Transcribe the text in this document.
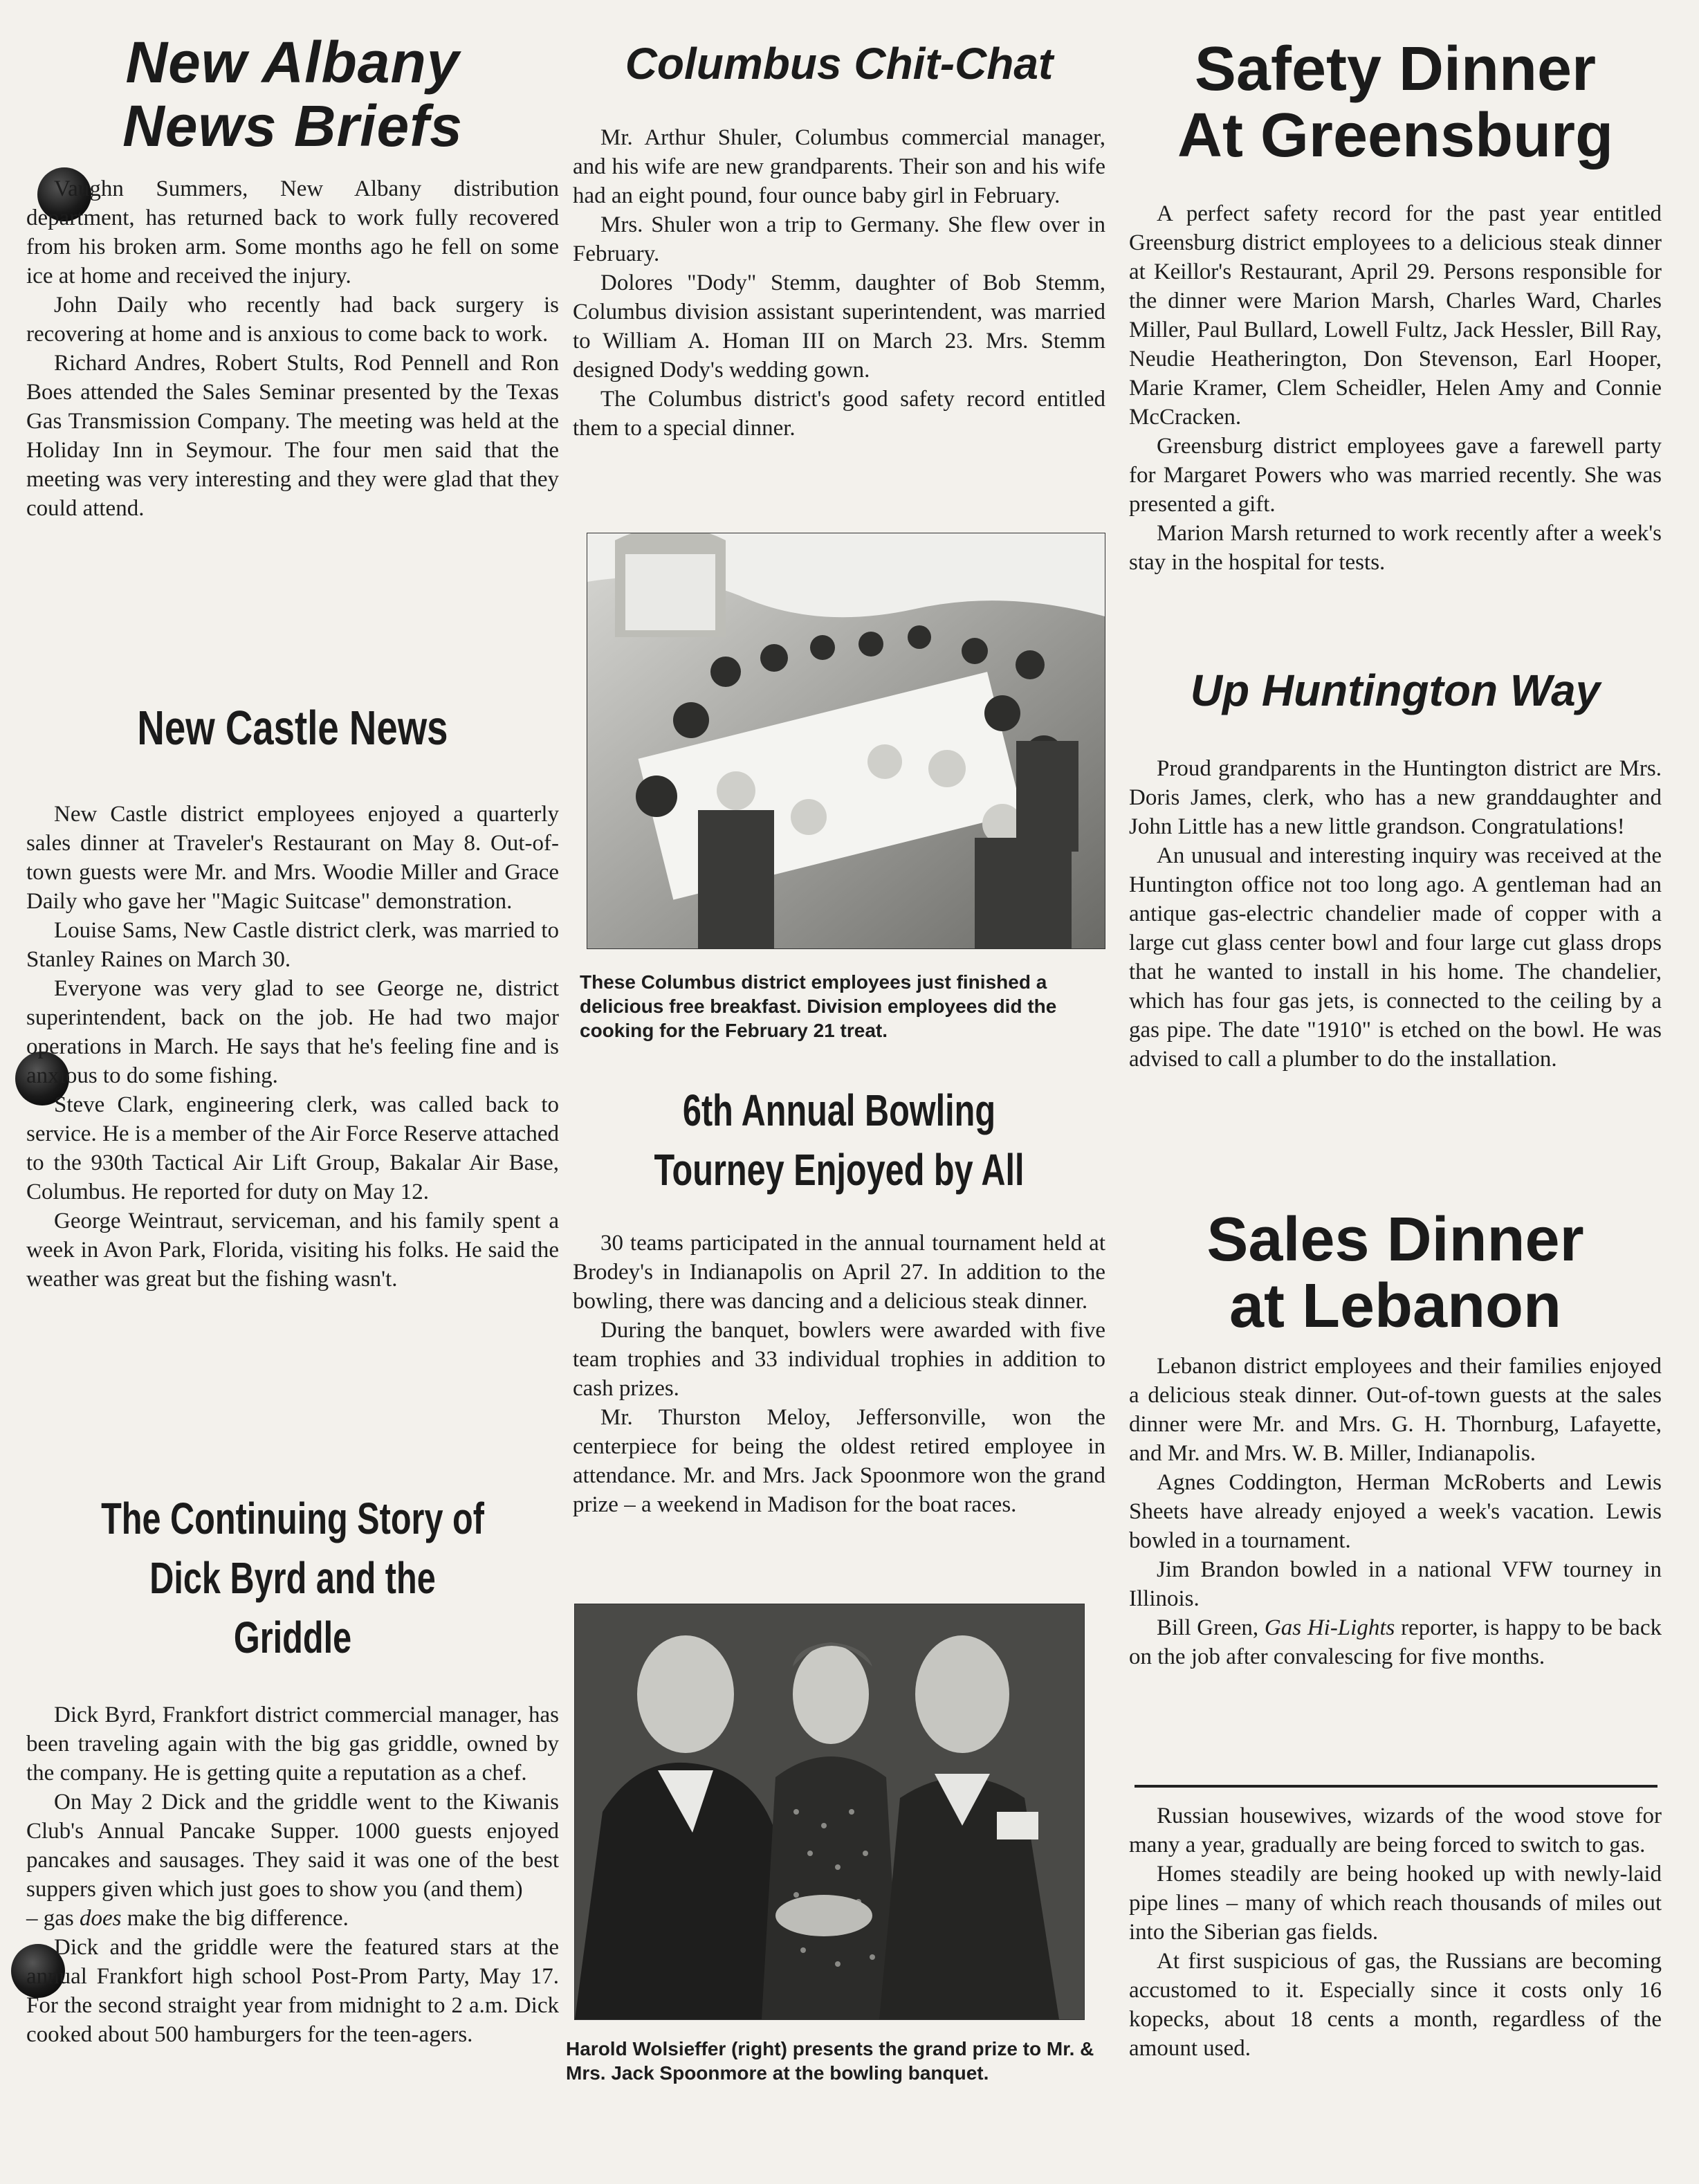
New Albany News Briefs

Vaughn Summers, New Albany distribution department, has returned back to work fully recovered from his broken arm. Some months ago he fell on some ice at home and received the injury.

John Daily who recently had back surgery is recovering at home and is anxious to come back to work.

Richard Andres, Robert Stults, Rod Pennell and Ron Boes attended the Sales Seminar presented by the Texas Gas Transmission Company. The meeting was held at the Holiday Inn in Seymour. The four men said that the meeting was very interesting and they were glad that they could attend.

New Castle News

New Castle district employees enjoyed a quarterly sales dinner at Traveler's Restaurant on May 8. Out-of-town guests were Mr. and Mrs. Woodie Miller and Grace Daily who gave her "Magic Suitcase" demonstration.

Louise Sams, New Castle district clerk, was married to Stanley Raines on March 30.

Everyone was very glad to see George ne, district superintendent, back on the job. He had two major operations in March. He says that he's feeling fine and is anxious to do some fishing.

Steve Clark, engineering clerk, was called back to service. He is a member of the Air Force Reserve attached to the 930th Tactical Air Lift Group, Bakalar Air Base, Columbus. He reported for duty on May 12.

George Weintraut, serviceman, and his family spent a week in Avon Park, Florida, visiting his folks. He said the weather was great but the fishing wasn't.

The Continuing Story of
Dick Byrd and the Griddle

Dick Byrd, Frankfort district commercial manager, has been traveling again with the big gas griddle, owned by the company. He is getting quite a reputation as a chef.

On May 2 Dick and the griddle went to the Kiwanis Club's Annual Pancake Supper. 1000 guests enjoyed pancakes and sausages. They said it was one of the best suppers given which just goes to show you (and them)

– gas does make the big difference.

Dick and the griddle were the featured stars at the annual Frankfort high school Post-Prom Party, May 17. For the second straight year from midnight to 2 a.m. Dick cooked about 500 hamburgers for the teen-agers.

Columbus Chit-Chat

Mr. Arthur Shuler, Columbus commercial manager, and his wife are new grandparents. Their son and his wife had an eight pound, four ounce baby girl in February.

Mrs. Shuler won a trip to Germany. She flew over in February.

Dolores "Dody" Stemm, daughter of Bob Stemm, Columbus division assistant superintendent, was married to William A. Homan III on March 23. Mrs. Stemm designed Dody's wedding gown.

The Columbus district's good safety record entitled them to a special dinner.

These Columbus district employees just finished a delicious free breakfast. Division employees did the cooking for the February 21 treat.

6th Annual Bowling
Tourney Enjoyed by All

30 teams participated in the annual tournament held at Brodey's in Indianapolis on April 27. In addition to the bowling, there was dancing and a delicious steak dinner.

During the banquet, bowlers were awarded with five team trophies and 33 individual trophies in addition to cash prizes.

Mr. Thurston Meloy, Jeffersonville, won the centerpiece for being the oldest retired employee in attendance. Mr. and Mrs. Jack Spoonmore won the grand prize – a weekend in Madison for the boat races.

Harold Wolsieffer (right) presents the grand prize to Mr. & Mrs. Jack Spoonmore at the bowling banquet.

Safety Dinner
At Greensburg

A perfect safety record for the past year entitled Greensburg district employees to a delicious steak dinner at Keillor's Restaurant, April 29. Persons responsible for the dinner were Marion Marsh, Charles Ward, Charles Miller, Paul Bullard, Lowell Fultz, Jack Hessler, Bill Ray, Neudie Heatherington, Don Stevenson, Earl Hooper, Marie Kramer, Clem Scheidler, Helen Amy and Connie McCracken.

Greensburg district employees gave a farewell party for Margaret Powers who was married recently. She was presented a gift.

Marion Marsh returned to work recently after a week's stay in the hospital for tests.

Up Huntington Way

Proud grandparents in the Huntington district are Mrs. Doris James, clerk, who has a new granddaughter and John Little has a new little grandson. Congratulations!

An unusual and interesting inquiry was received at the Huntington office not too long ago. A gentleman had an antique gas-electric chandelier made of copper with a large cut glass center bowl and four large cut glass drops that he wanted to install in his home. The chandelier, which has four gas jets, is connected to the ceiling by a gas pipe. The date "1910" is etched on the bowl. He was advised to call a plumber to do the installation.

Sales Dinner
at Lebanon

Lebanon district employees and their families enjoyed a delicious steak dinner. Out-of-town guests at the sales dinner were Mr. and Mrs. G. H. Thornburg, Lafayette, and Mr. and Mrs. W. B. Miller, Indianapolis.

Agnes Coddington, Herman McRoberts and Lewis Sheets have already enjoyed a week's vacation. Lewis bowled in a tournament.

Jim Brandon bowled in a national VFW tourney in Illinois.

Bill Green, Gas Hi-Lights reporter, is happy to be back on the job after convalescing for five months.

Russian housewives, wizards of the wood stove for many a year, gradually are being forced to switch to gas.

Homes steadily are being hooked up with newly-laid pipe lines – many of which reach thousands of miles out into the Siberian gas fields.

At first suspicious of gas, the Russians are becoming accustomed to it. Especially since it costs only 16 kopecks, about 18 cents a month, regardless of the amount used.
